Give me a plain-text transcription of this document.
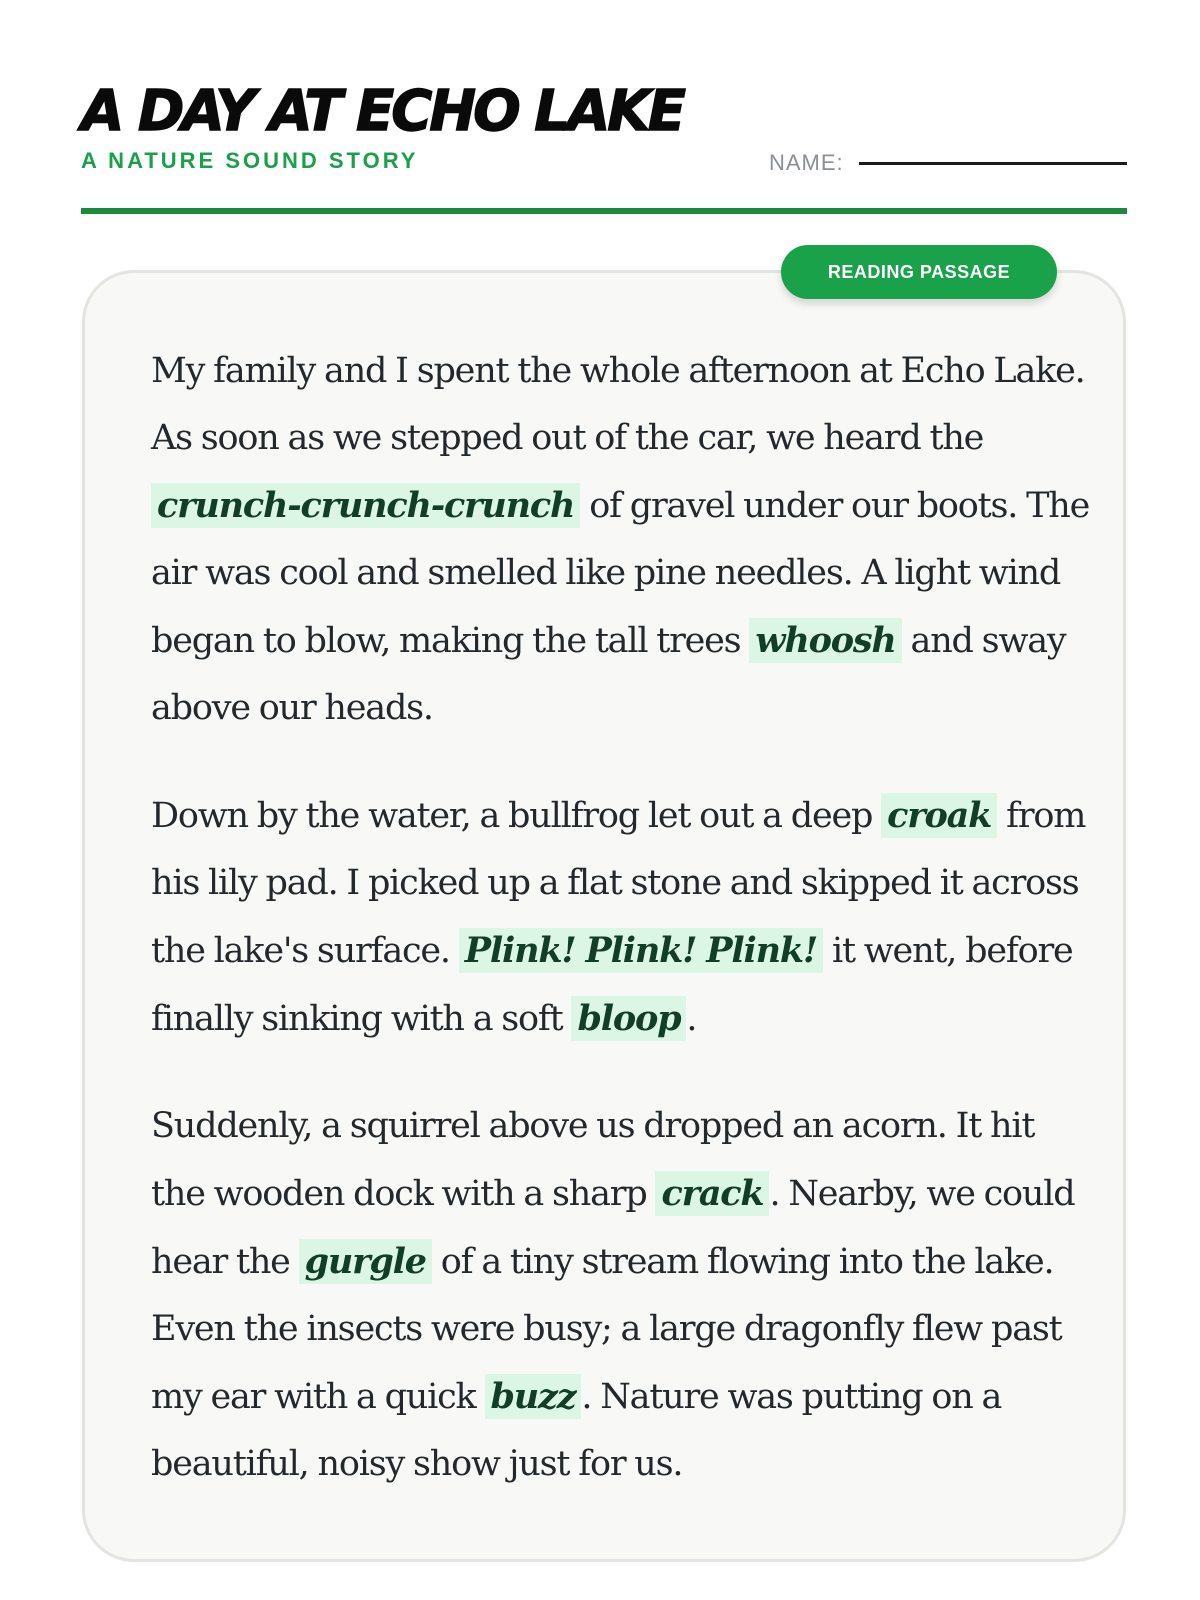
A DAY AT ECHO LAKE
A NATURE SOUND STORY	NAME:
READING PASSAGE

My family and I spent the whole afternoon at Echo Lake. As soon as we stepped out of the car, we heard the crunch-crunch-crunch of gravel under our boots. The air was cool and smelled like pine needles. A light wind began to blow, making the tall trees whoosh and sway above our heads.

Down by the water, a bullfrog let out a deep croak from his lily pad. I picked up a flat stone and skipped it across the lake's surface. Plink! Plink! Plink! it went, before finally sinking with a soft bloop .

Suddenly, a squirrel above us dropped an acorn. It hit the wooden dock with a sharp crack . Nearby, we could hear the gurgle of a tiny stream flowing into the lake. Even the insects were busy; a large dragonfly flew past my ear with a quick buzz . Nature was putting on a beautiful, noisy show just for us.
